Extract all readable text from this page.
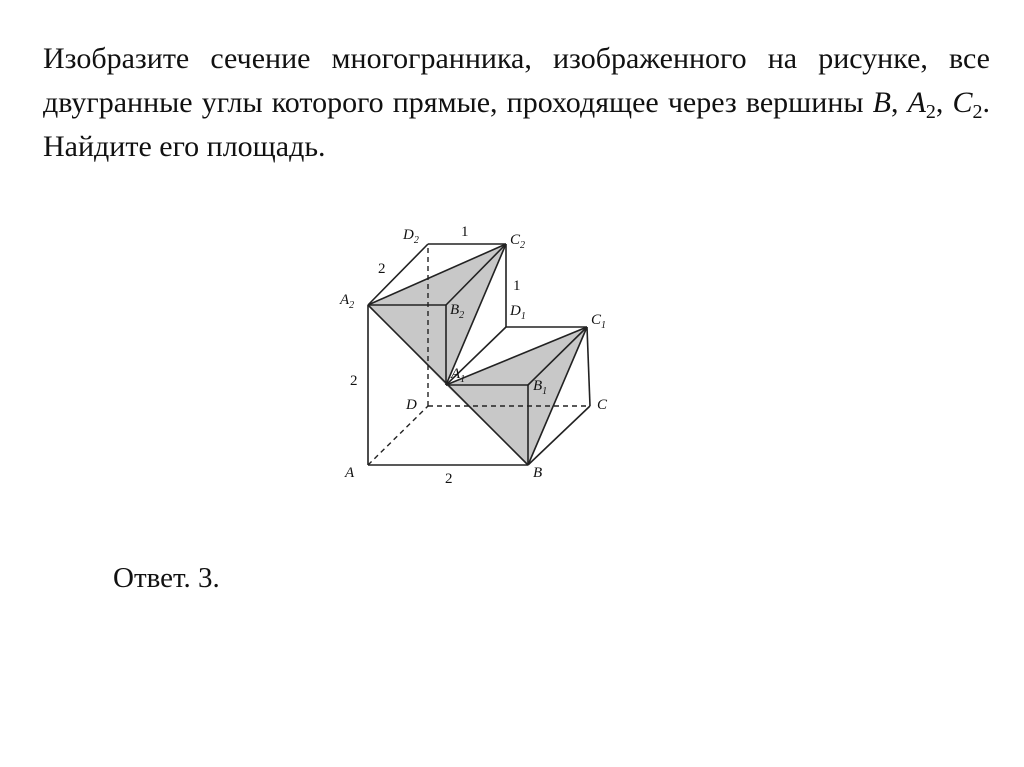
Изобразите сечение многогранника, изображенного на рисунке, все двугранные углы которого прямые, проходящее через вершины B, $A_2$, $C_2$. Найдите его площадь.
A	B
C
D
$A_1$	$B_1$
$C_1$
$D_1$
$A_2$	$B_2$
$C_2$
$D_2$
1
2
1
2
2
Ответ. 3.
